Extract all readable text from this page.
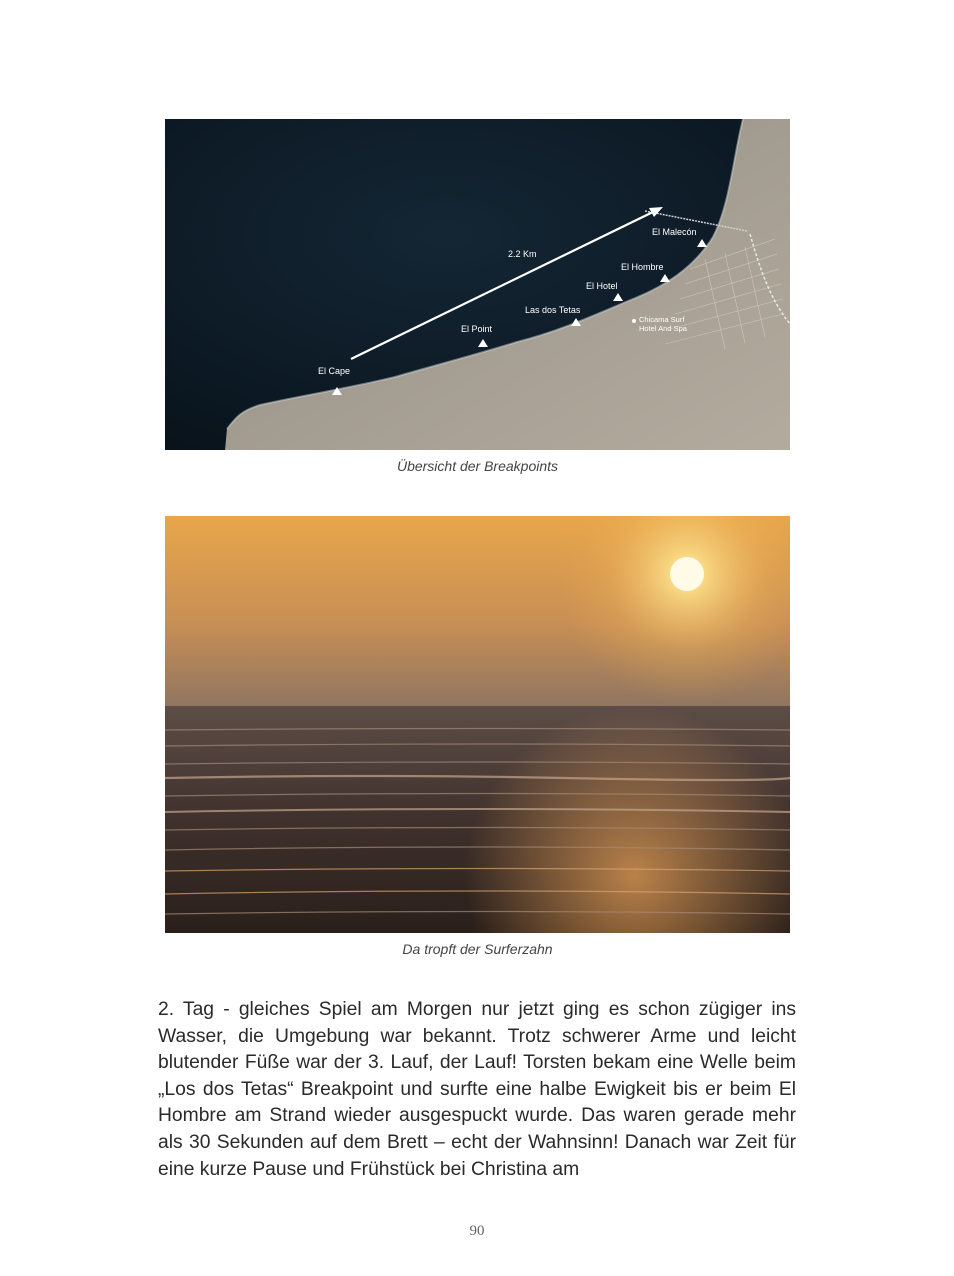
2.2 Km
El Cape
El Point
Las dos Tetas
El Hotel
El Hombre
El Malecón
Chicama Surf
Hotel And Spa
Übersicht der Breakpoints
Da tropft der Surferzahn

2. Tag - gleiches Spiel am Morgen nur jetzt ging es schon zügiger ins Wasser, die Umgebung war bekannt. Trotz schwerer Arme und leicht blutender Füße war der 3. Lauf, der Lauf! Torsten bekam eine Welle beim „Los dos Tetas“ Breakpoint und surfte eine halbe Ewigkeit bis er beim El Hombre am Strand wieder ausgespuckt wurde. Das waren gerade mehr als 30 Sekunden auf dem Brett – echt der Wahnsinn! Danach war Zeit für eine kurze Pause und Frühstück bei Christina am

90
